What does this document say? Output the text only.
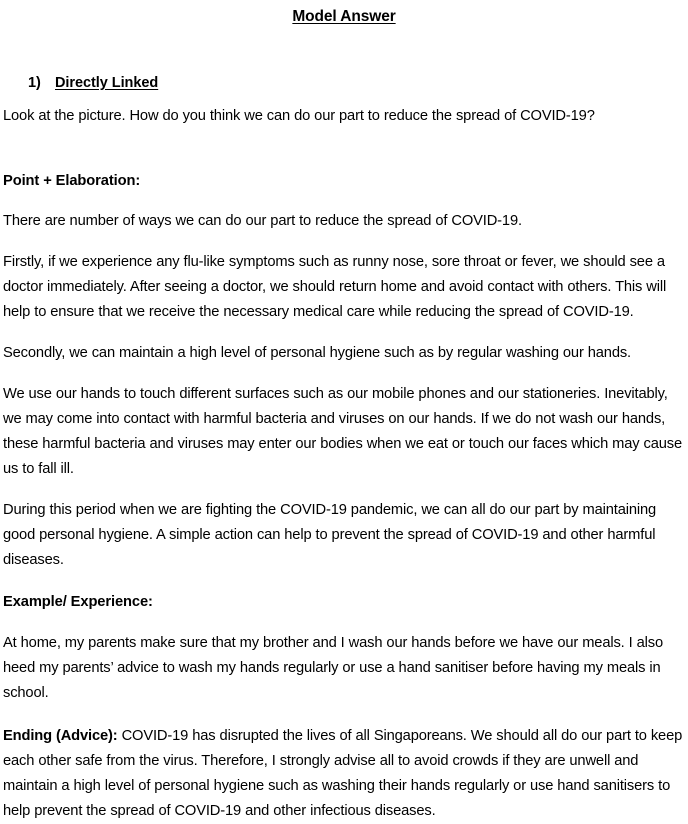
Model Answer
1) Directly Linked

Look at the picture. How do you think we can do our part to reduce the spread of COVID-19?

Point + Elaboration:

There are number of ways we can do our part to reduce the spread of COVID-19.

Firstly, if we experience any flu-like symptoms such as runny nose, sore throat or fever, we should see a doctor immediately. After seeing a doctor, we should return home and avoid contact with others. This will help to ensure that we receive the necessary medical care while reducing the spread of COVID-19.

Secondly, we can maintain a high level of personal hygiene such as by regular washing our hands.

We use our hands to touch different surfaces such as our mobile phones and our stationeries. Inevitably, we may come into contact with harmful bacteria and viruses on our hands. If we do not wash our hands, these harmful bacteria and viruses may enter our bodies when we eat or touch our faces which may cause us to fall ill.

During this period when we are fighting the COVID-19 pandemic, we can all do our part by maintaining good personal hygiene. A simple action can help to prevent the spread of COVID-19 and other harmful diseases.

Example/ Experience:

At home, my parents make sure that my brother and I wash our hands before we have our meals. I also heed my parents’ advice to wash my hands regularly or use a hand sanitiser before having my meals in school.

Ending (Advice): COVID-19 has disrupted the lives of all Singaporeans. We should all do our part to keep each other safe from the virus. Therefore, I strongly advise all to avoid crowds if they are unwell and maintain a high level of personal hygiene such as washing their hands regularly or use hand sanitisers to help prevent the spread of COVID-19 and other infectious diseases.
